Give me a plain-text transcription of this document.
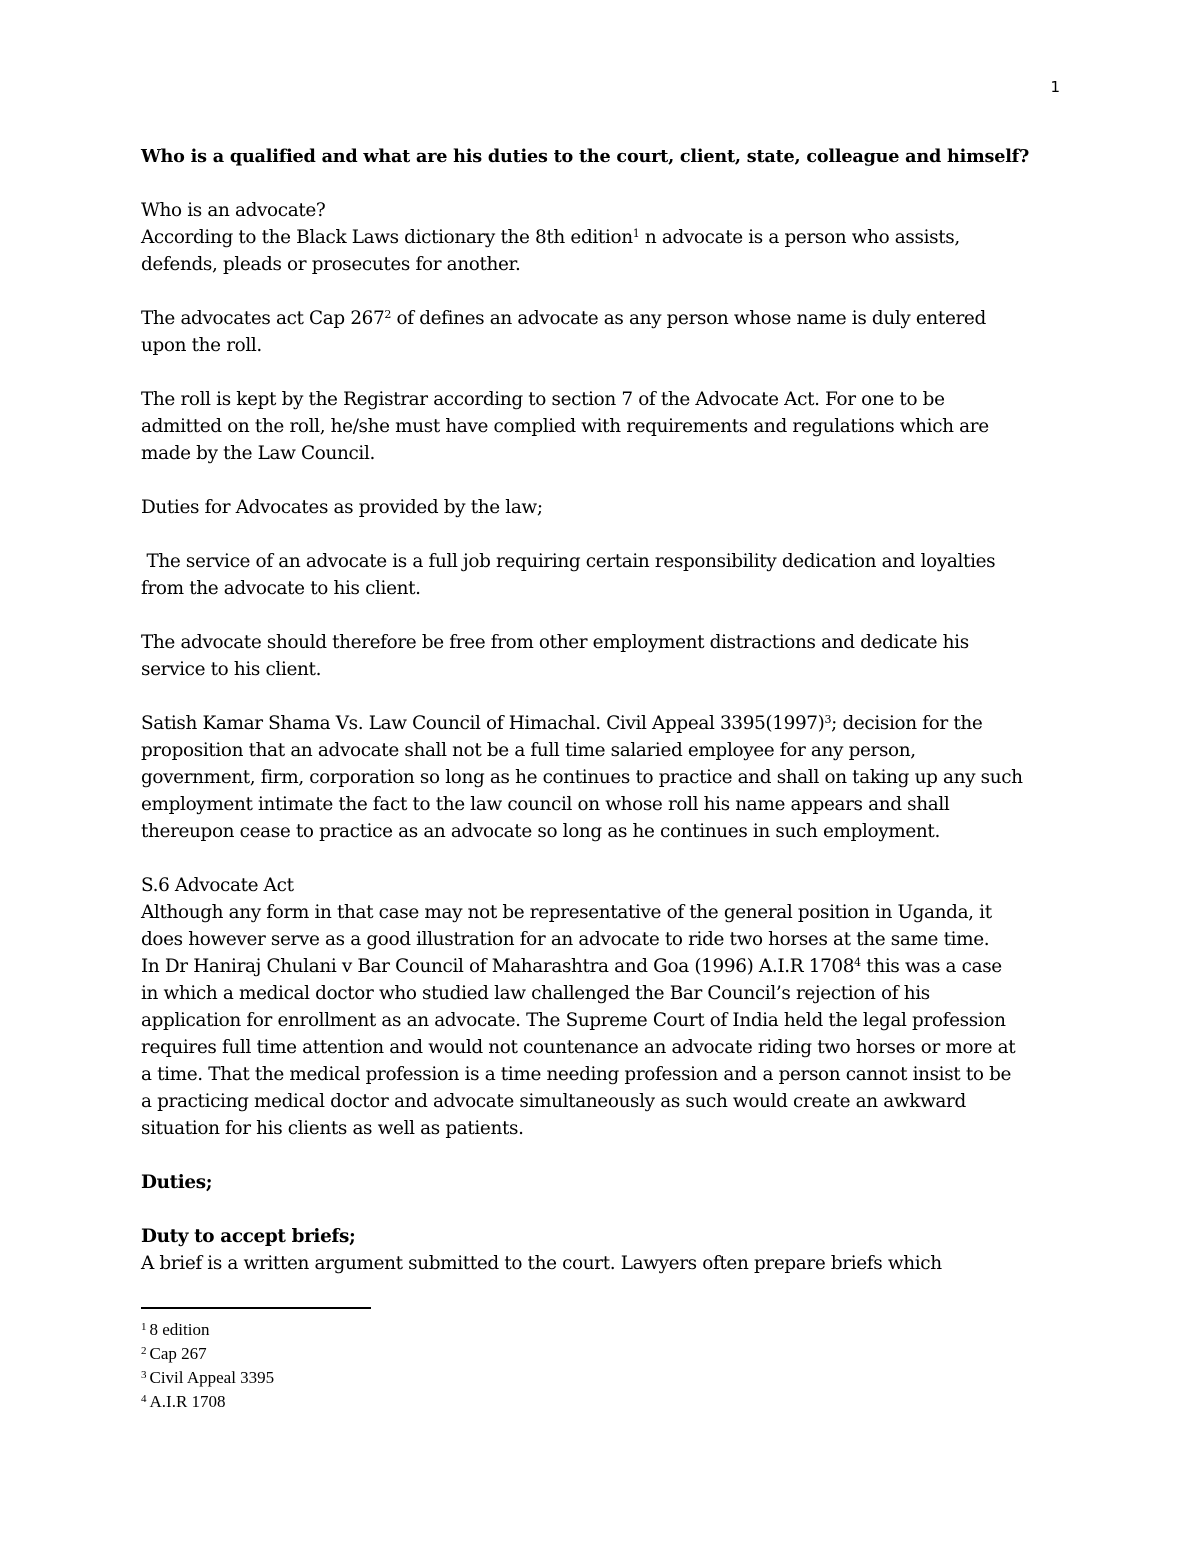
1

Who is a qualified and what are his duties to the court, client, state, colleague and himself?

Who is an advocate?

According to the Black Laws dictionary the 8th edition$^1$ n advocate is a person who assists,

defends, pleads or prosecutes for another.

The advocates act Cap $267^2$ of defines an advocate as any person whose name is duly entered

upon the roll.

The roll is kept by the Registrar according to section 7 of the Advocate Act. For one to be

admitted on the roll, he/she must have complied with requirements and regulations which are

made by the Law Council.

Duties for Advocates as provided by the law;

The service of an advocate is a full job requiring certain responsibility dedication and loyalties

from the advocate to his client.

The advocate should therefore be free from other employment distractions and dedicate his

service to his client.

Satish Kamar Shama Vs. Law Council of Himachal. Civil Appeal $3395(1997)^3$; decision for the

proposition that an advocate shall not be a full time salaried employee for any person,

government, firm, corporation so long as he continues to practice and shall on taking up any such

employment intimate the fact to the law council on whose roll his name appears and shall

thereupon cease to practice as an advocate so long as he continues in such employment.

S.6 Advocate Act

Although any form in that case may not be representative of the general position in Uganda, it

does however serve as a good illustration for an advocate to ride two horses at the same time.

In Dr Haniraj Chulani v Bar Council of Maharashtra and Goa (1996) A.I.R 1708$^4$ this was a case

in which a medical doctor who studied law challenged the Bar Council’s rejection of his

application for enrollment as an advocate. The Supreme Court of India held the legal profession

requires full time attention and would not countenance an advocate riding two horses or more at

a time. That the medical profession is a time needing profession and a person cannot insist to be

a practicing medical doctor and advocate simultaneously as such would create an awkward

situation for his clients as well as patients.

Duties;

Duty to accept briefs;

A brief is a written argument submitted to the court. Lawyers often prepare briefs which

$^1$ 8 edition
$^2$ Cap 267
$^3$ Civil Appeal 3395
$^4$ A.I.R 1708
